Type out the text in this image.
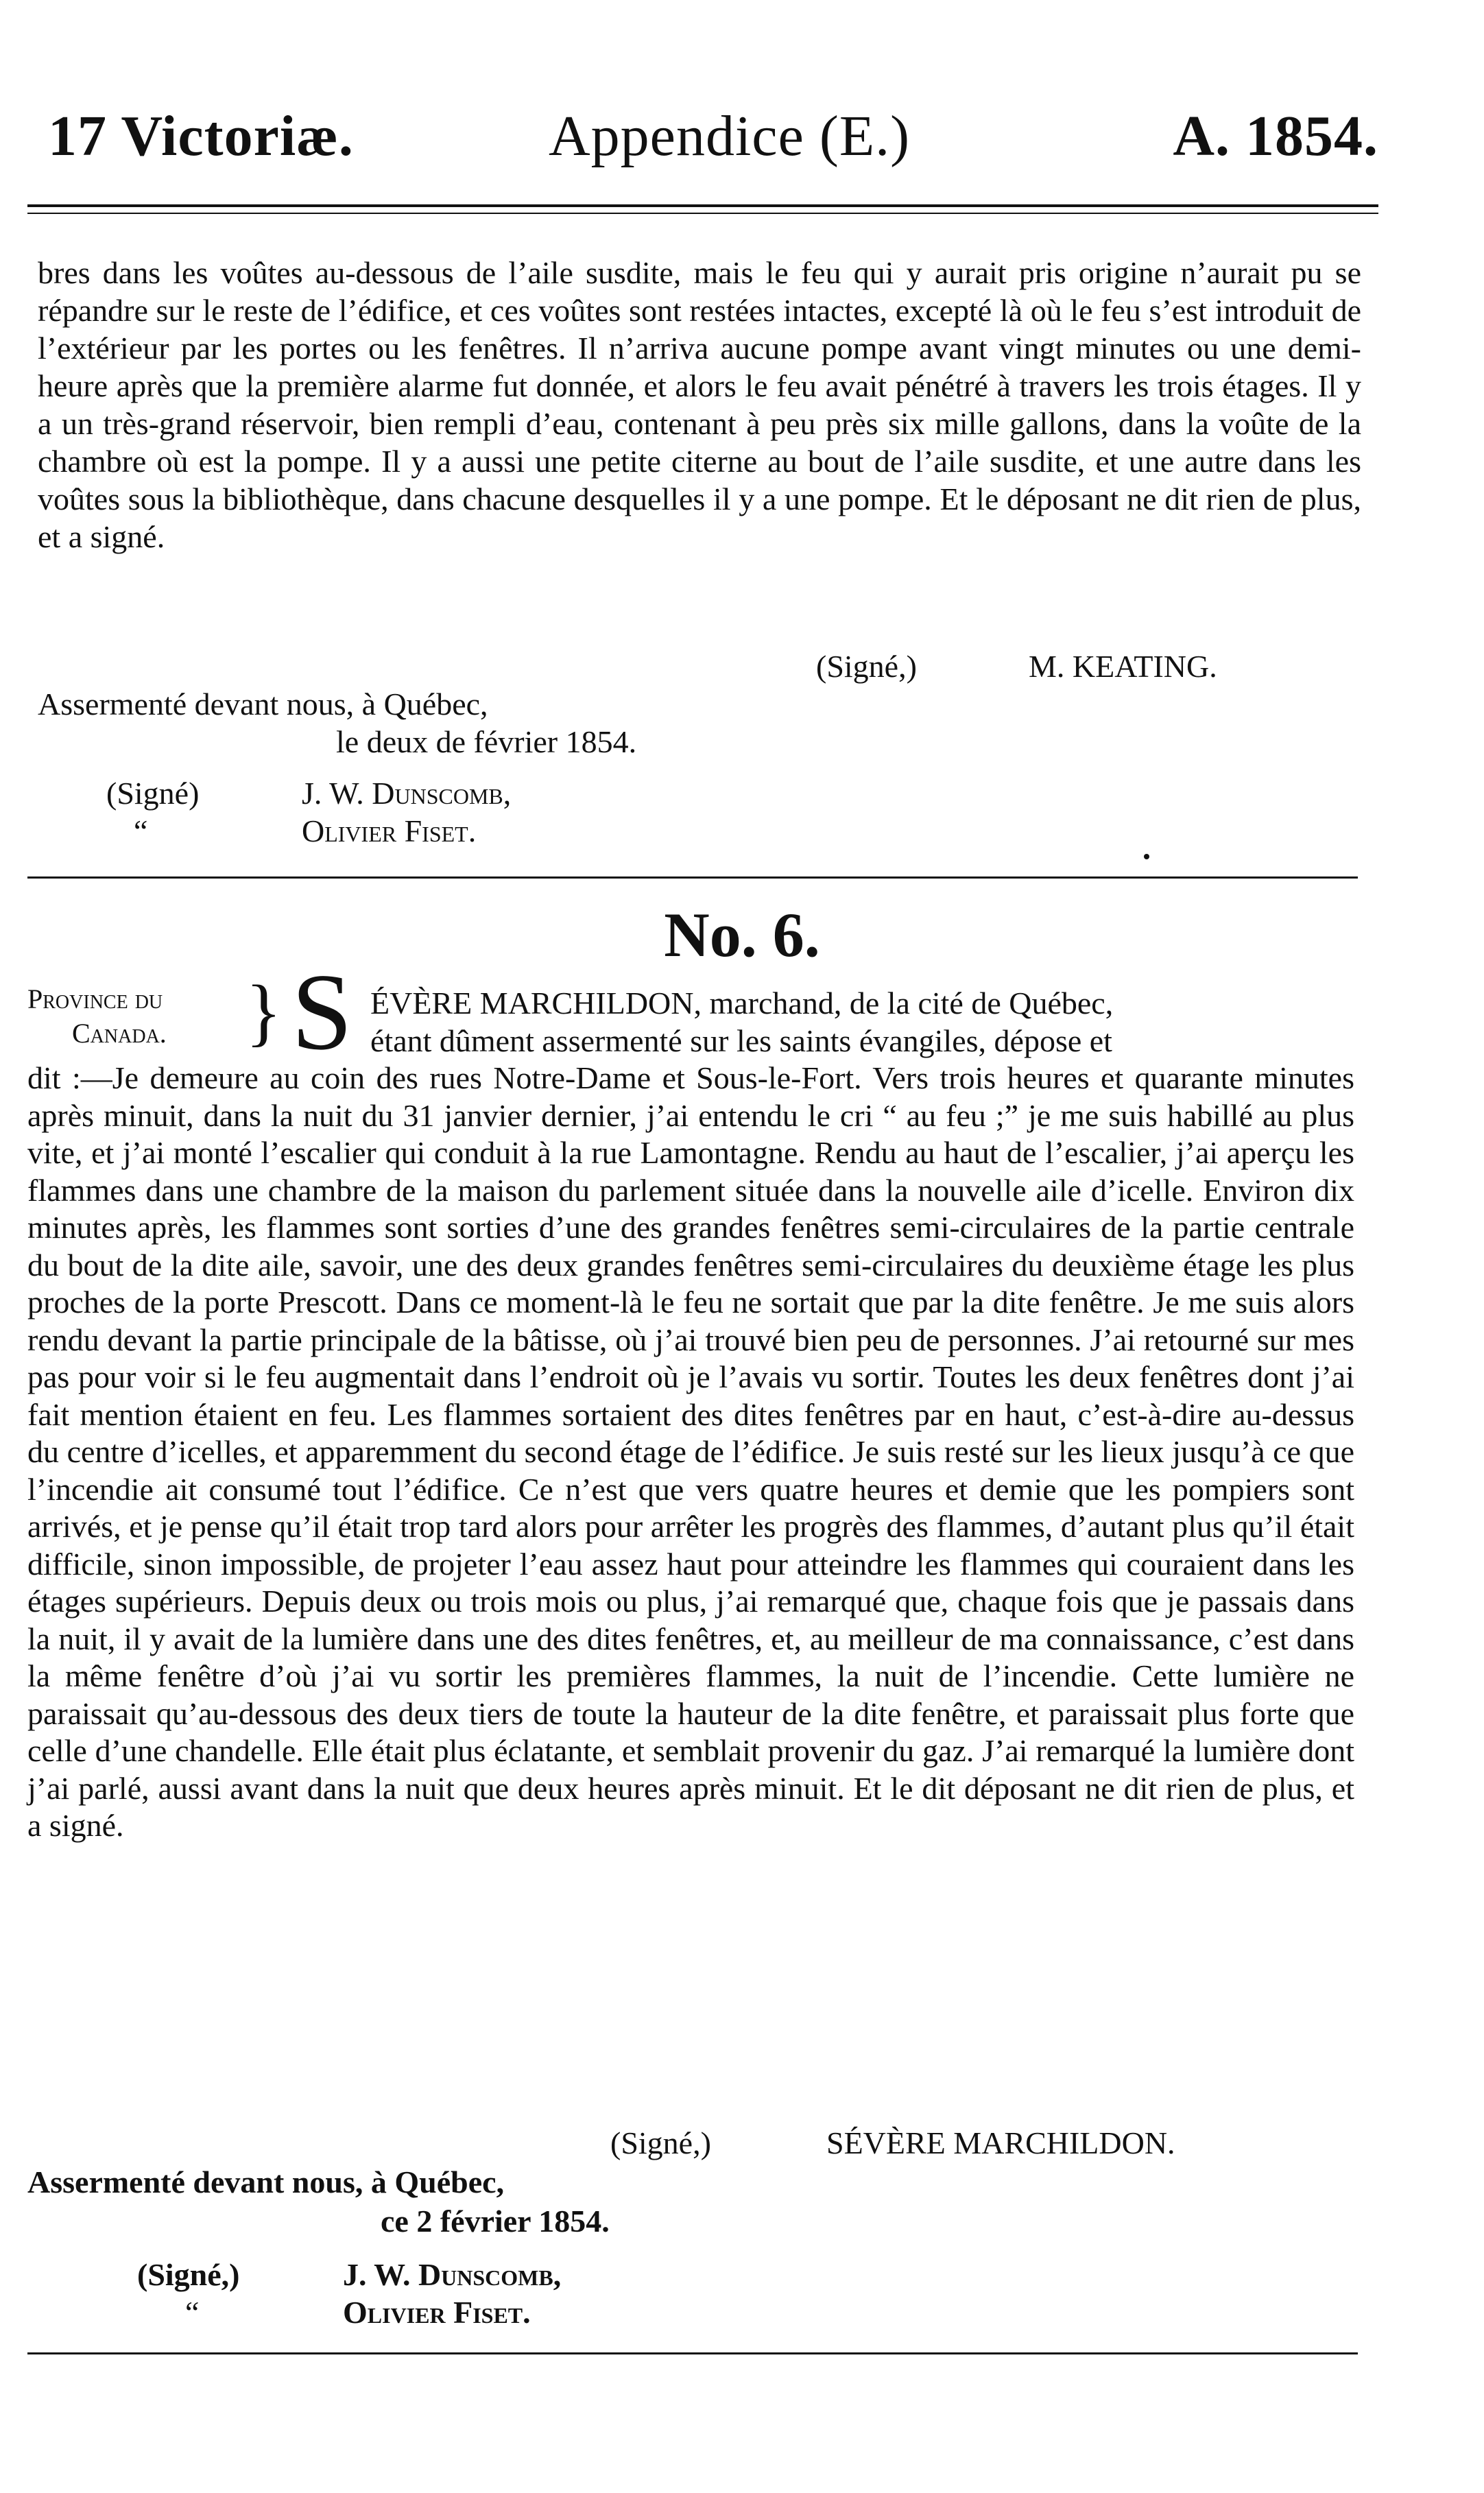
17 Victoriæ.	Appendice (E.)	A. 1854.

bres dans les voûtes au-dessous de l’aile susdite, mais le feu qui y aurait pris origine n’aurait pu se répandre sur le reste de l’édifice, et ces voûtes sont restées intactes, excepté là où le feu s’est introduit de l’extérieur par les portes ou les fenêtres. Il n’arriva aucune pompe avant vingt minutes ou une demi-heure après que la première alarme fut donnée, et alors le feu avait pénétré à travers les trois étages. Il y a un très-grand réservoir, bien rempli d’eau, contenant à peu près six mille gallons, dans la voûte de la chambre où est la pompe. Il y a aussi une petite citerne au bout de l’aile susdite, et une autre dans les voûtes sous la bibliothèque, dans chacune desquelles il y a une pompe. Et le déposant ne dit rien de plus, et a signé.

(Signé,)	M. KEATING.
Assermenté devant nous, à Québec,
le deux de février 1854.
(Signé)	J. W. Dunscomb,
“	Olivier Fiset.
No. 6.
Province du
Canada. } S ÉVÈRE MARCHILDON, marchand, de la cité de Québec,

étant dûment assermenté sur les saints évangiles, dépose et

dit :—Je demeure au coin des rues Notre-Dame et Sous-le-Fort. Vers trois heures et quarante minutes après minuit, dans la nuit du 31 janvier dernier, j’ai entendu le cri “ au feu ;” je me suis habillé au plus vite, et j’ai monté l’escalier qui conduit à la rue Lamontagne. Rendu au haut de l’escalier, j’ai aperçu les flammes dans une chambre de la maison du parlement située dans la nouvelle aile d’icelle. Environ dix minutes après, les flammes sont sorties d’une des grandes fenêtres semi-circulaires de la partie centrale du bout de la dite aile, savoir, une des deux grandes fenêtres semi-circulaires du deuxième étage les plus proches de la porte Prescott. Dans ce moment-là le feu ne sortait que par la dite fenêtre. Je me suis alors rendu devant la partie principale de la bâtisse, où j’ai trouvé bien peu de personnes. J’ai retourné sur mes pas pour voir si le feu augmentait dans l’endroit où je l’avais vu sortir. Toutes les deux fenêtres dont j’ai fait mention étaient en feu. Les flammes sortaient des dites fenêtres par en haut, c’est-à-dire au-dessus du centre d’icelles, et apparemment du second étage de l’édifice. Je suis resté sur les lieux jusqu’à ce que l’incendie ait consumé tout l’édifice. Ce n’est que vers quatre heures et demie que les pompiers sont arrivés, et je pense qu’il était trop tard alors pour arrêter les progrès des flammes, d’autant plus qu’il était difficile, sinon impossible, de projeter l’eau assez haut pour atteindre les flammes qui couraient dans les étages supérieurs. Depuis deux ou trois mois ou plus, j’ai remarqué que, chaque fois que je passais dans la nuit, il y avait de la lumière dans une des dites fenêtres, et, au meilleur de ma connaissance, c’est dans la même fenêtre d’où j’ai vu sortir les premières flammes, la nuit de l’incendie. Cette lumière ne paraissait qu’au-dessous des deux tiers de toute la hauteur de la dite fenêtre, et paraissait plus forte que celle d’une chandelle. Elle était plus éclatante, et semblait provenir du gaz. J’ai remarqué la lumière dont j’ai parlé, aussi avant dans la nuit que deux heures après minuit. Et le dit déposant ne dit rien de plus, et a signé.

(Signé,)	SÉVÈRE MARCHILDON.
Assermenté devant nous, à Québec,
ce 2 février 1854.
(Signé,)	J. W. Dunscomb,
“	Olivier Fiset.
